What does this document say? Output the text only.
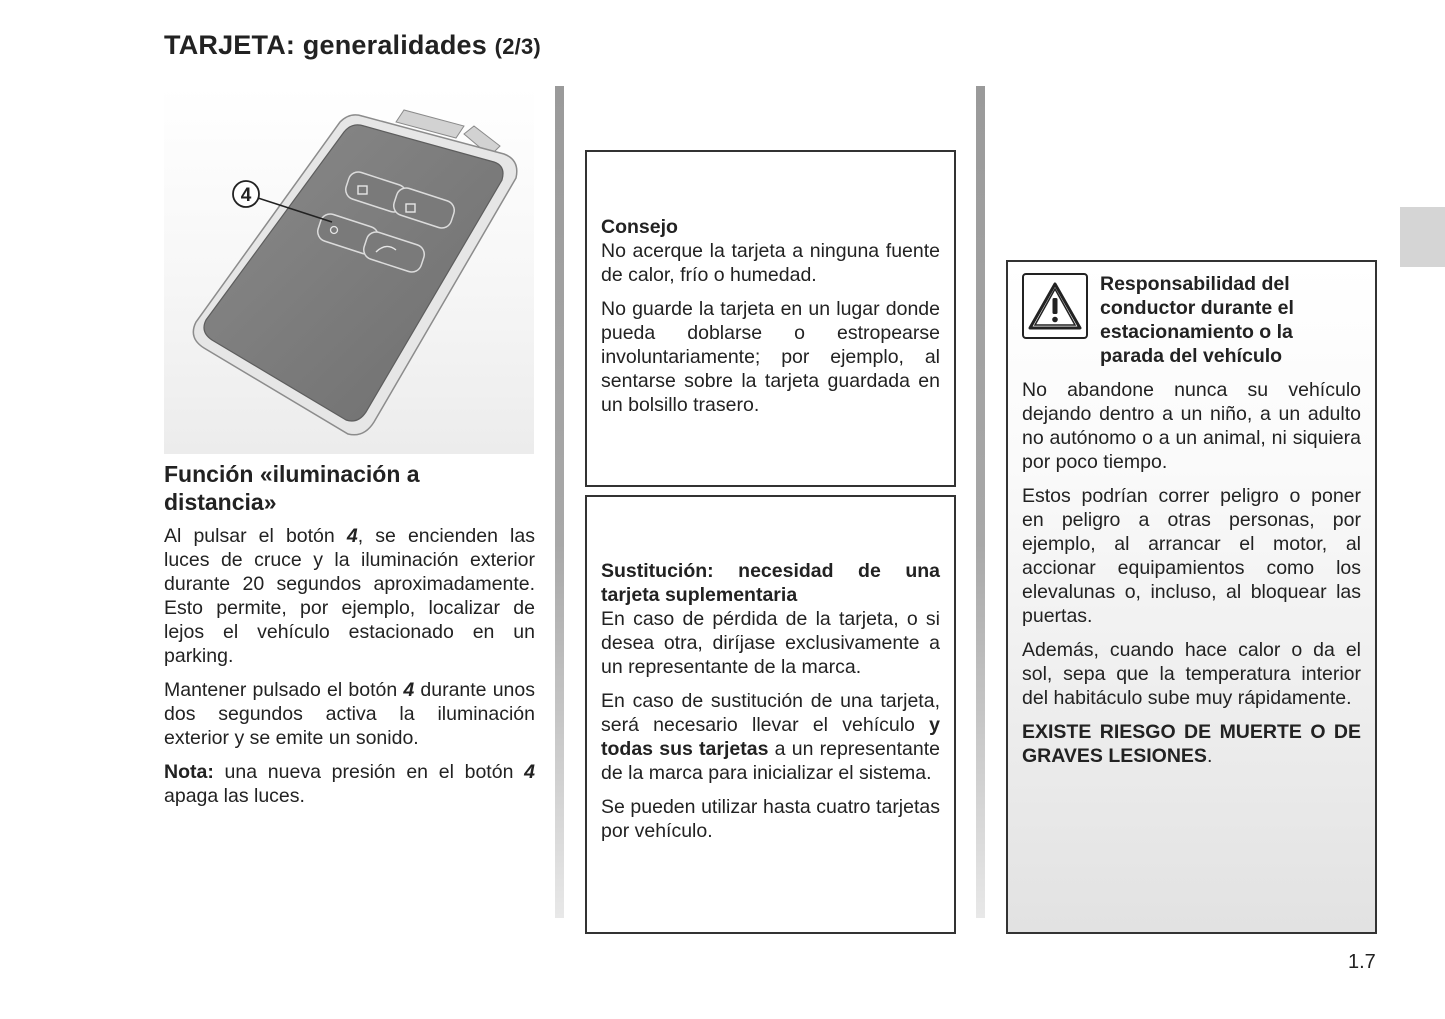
TARJETA: generalidades (2/3)
4
Función «iluminación a distancia»

Al pulsar el botón 4, se encienden las luces de cruce y la iluminación exterior durante 20 segundos aproximadamente. Esto permite, por ejemplo, localizar de lejos el vehículo estacionado en un parking.

Mantener pulsado el botón 4 durante unos dos segundos activa la iluminación exterior y se emite un sonido.

Nota: una nueva presión en el botón 4 apaga las luces.

Consejo

No acerque la tarjeta a ninguna fuente de calor, frío o humedad.

No guarde la tarjeta en un lugar donde pueda doblarse o estropearse involuntariamente; por ejemplo, al sentarse sobre la tarjeta guardada en un bolsillo trasero.

Sustitución: necesidad de una tarjeta suplementaria

En caso de pérdida de la tarjeta, o si desea otra, diríjase exclusivamente a un representante de la marca.

En caso de sustitución de una tarjeta, será necesario llevar el vehículo y todas sus tarjetas a un representante de la marca para inicializar el sistema.

Se pueden utilizar hasta cuatro tarjetas por vehículo.

Responsabilidad del conductor durante el estacionamiento o la parada del vehículo

No abandone nunca su vehículo dejando dentro a un niño, a un adulto no autónomo o a un animal, ni siquiera por poco tiempo.

Estos podrían correr peligro o poner en peligro a otras personas, por ejemplo, al arrancar el motor, al accionar equipamientos como los elevalunas o, incluso, al bloquear las puertas.

Además, cuando hace calor o da el sol, sepa que la temperatura interior del habitáculo sube muy rápidamente.

EXISTE RIESGO DE MUERTE O DE GRAVES LESIONES.

1.7
